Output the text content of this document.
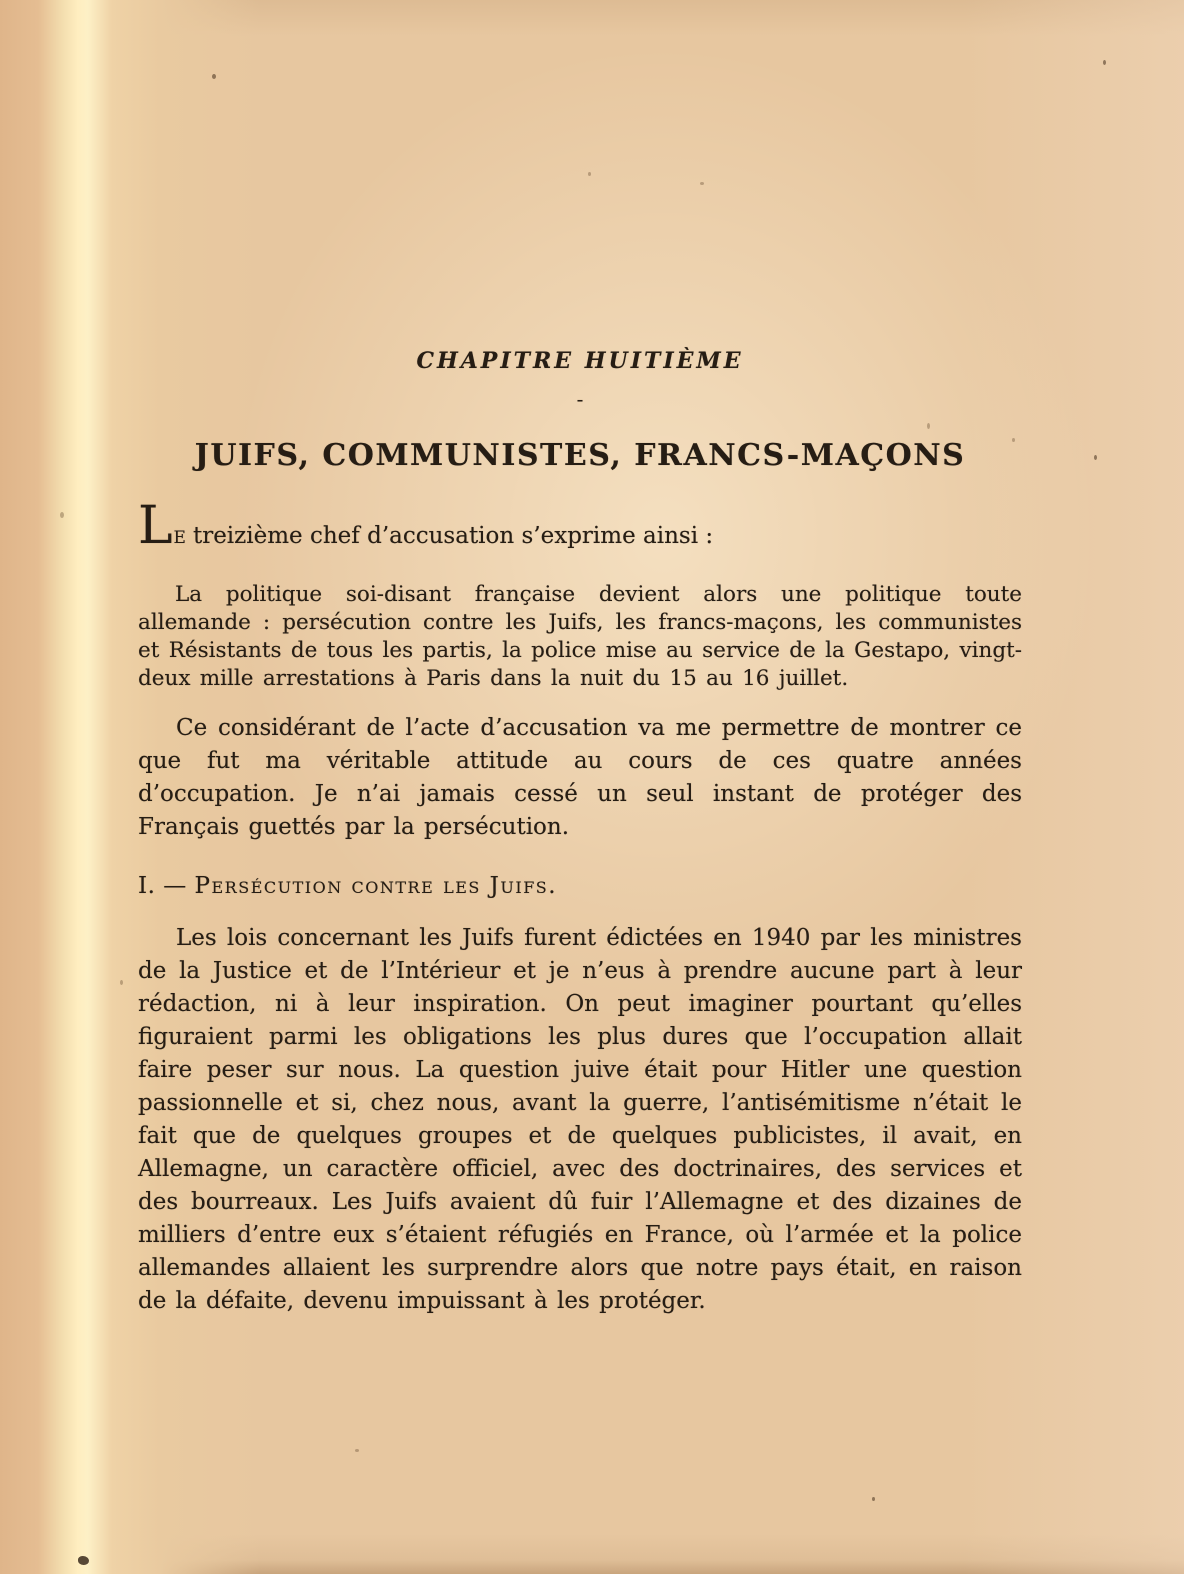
CHAPITRE HUITIÈME
-
JUIFS, COMMUNISTES, FRANCS-MAÇONS
LE treizième chef d’accusation s’exprime ainsi :
La politique soi-disant française devient alors une politique toute allemande : persécution contre les Juifs, les francs-maçons, les communistes et Résistants de tous les partis, la police mise au service de la Gestapo, vingt-deux mille arrestations à Paris dans la nuit du 15 au 16 juillet.
Ce considérant de l’acte d’accusation va me permettre de montrer ce que fut ma véritable attitude au cours de ces quatre années d’occupation. Je n’ai jamais cessé un seul instant de protéger des Français guettés par la persécution.
I. — Persécution contre les Juifs.
Les lois concernant les Juifs furent édictées en 1940 par les ministres de la Justice et de l’Intérieur et je n’eus à prendre aucune part à leur rédaction, ni à leur inspiration. On peut imaginer pourtant qu’elles figuraient parmi les obligations les plus dures que l’occupation allait faire peser sur nous. La question juive était pour Hitler une question passionnelle et si, chez nous, avant la guerre, l’antisémitisme n’était le fait que de quelques groupes et de quelques publicistes, il avait, en Allemagne, un caractère officiel, avec des doctrinaires, des services et des bourreaux. Les Juifs avaient dû fuir l’Allemagne et des dizaines de milliers d’entre eux s’étaient réfugiés en France, où l’armée et la police allemandes allaient les surprendre alors que notre pays était, en raison de la défaite, devenu impuissant à les protéger.
